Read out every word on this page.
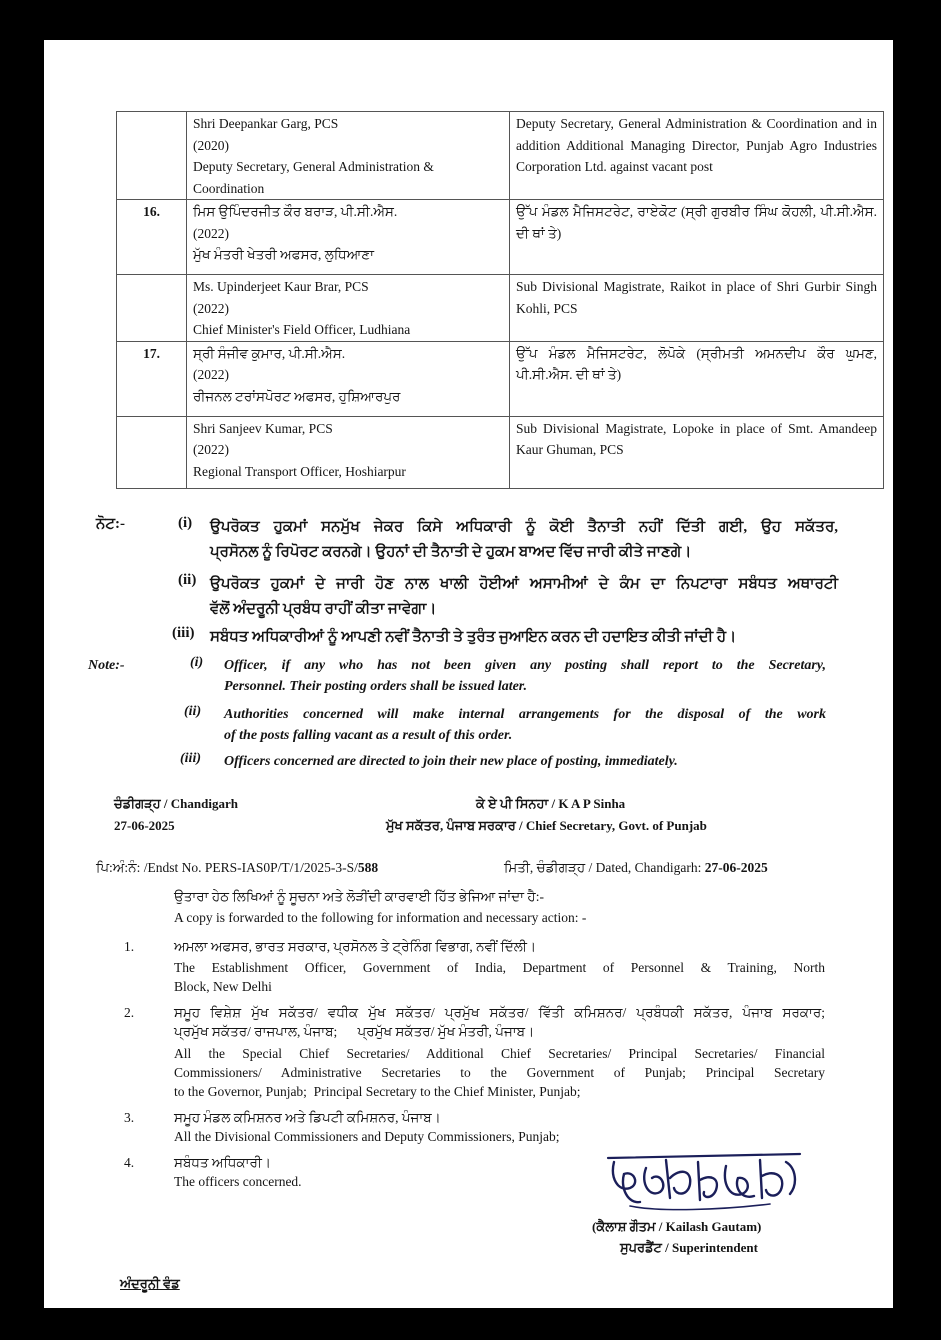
	Shri Deepankar Garg, PCS
(2020)
Deputy Secretary, General Administration & Coordination	Deputy Secretary, General Administration & Coordination and in addition Additional Managing Director, Punjab Agro Industries Corporation Ltd. against vacant post
16.	ਮਿਸ ਉਪਿੰਦਰਜੀਤ ਕੌਰ ਬਰਾੜ, ਪੀ.ਸੀ.ਐਸ.
(2022)
ਮੁੱਖ ਮੰਤਰੀ ਖੇਤਰੀ ਅਫਸਰ, ਲੁਧਿਆਣਾ	ਉੱਪ ਮੰਡਲ ਮੈਜਿਸਟਰੇਟ, ਰਾਏਕੋਟ (ਸ੍ਰੀ ਗੁਰਬੀਰ ਸਿੰਘ ਕੋਹਲੀ, ਪੀ.ਸੀ.ਐਸ. ਦੀ ਥਾਂ ਤੇ)

	Ms. Upinderjeet Kaur Brar, PCS
(2022)
Chief Minister's Field Officer, Ludhiana	Sub Divisional Magistrate, Raikot in place of Shri Gurbir Singh Kohli, PCS
17.	ਸ੍ਰੀ ਸੰਜੀਵ ਕੁਮਾਰ, ਪੀ.ਸੀ.ਐਸ.
(2022)
ਰੀਜਨਲ ਟਰਾਂਸਪੋਰਟ ਅਫਸਰ, ਹੁਸ਼ਿਆਰਪੁਰ	ਉੱਪ ਮੰਡਲ ਮੈਜਿਸਟਰੇਟ, ਲੋਪੋਕੇ (ਸ੍ਰੀਮਤੀ ਅਮਨਦੀਪ ਕੌਰ ਘੁਮਣ, ਪੀ.ਸੀ.ਐਸ. ਦੀ ਥਾਂ ਤੇ)

	Shri Sanjeev Kumar, PCS
(2022)
Regional Transport Officer, Hoshiarpur	Sub Divisional Magistrate, Lopoke in place of Smt. Amandeep Kaur Ghuman, PCS
ਨੋਟ:-	(i) ਉਪਰੋਕਤ ਹੁਕਮਾਂ ਸਨਮੁੱਖ ਜੇਕਰ ਕਿਸੇ ਅਧਿਕਾਰੀ ਨੂੰ ਕੋਈ ਤੈਨਾਤੀ ਨਹੀਂ ਦਿੱਤੀ ਗਈ, ਉਹ ਸਕੱਤਰ,
ਪ੍ਰਸੋਨਲ ਨੂੰ ਰਿਪੋਰਟ ਕਰਨਗੇ। ਉਹਨਾਂ ਦੀ ਤੈਨਾਤੀ ਦੇ ਹੁਕਮ ਬਾਅਦ ਵਿੱਚ ਜਾਰੀ ਕੀਤੇ ਜਾਣਗੇ।
(ii) ਉਪਰੋਕਤ ਹੁਕਮਾਂ ਦੇ ਜਾਰੀ ਹੋਣ ਨਾਲ ਖਾਲੀ ਹੋਈਆਂ ਅਸਾਮੀਆਂ ਦੇ ਕੰਮ ਦਾ ਨਿਪਟਾਰਾ ਸਬੰਧਤ ਅਥਾਰਟੀ
ਵੱਲੋਂ ਅੰਦਰੂਨੀ ਪ੍ਰਬੰਧ ਰਾਹੀਂ ਕੀਤਾ ਜਾਵੇਗਾ।
(iii) ਸਬੰਧਤ ਅਧਿਕਾਰੀਆਂ ਨੂੰ ਆਪਣੀ ਨਵੀਂ ਤੈਨਾਤੀ ਤੇ ਤੁਰੰਤ ਜੁਆਇਨ ਕਰਨ ਦੀ ਹਦਾਇਤ ਕੀਤੀ ਜਾਂਦੀ ਹੈ।
Note:-	(i) Officer, if any who has not been given any posting shall report to the Secretary,
Personnel. Their posting orders shall be issued later.
(ii) Authorities concerned will make internal arrangements for the disposal of the work
of the posts falling vacant as a result of this order.
(iii) Officers concerned are directed to join their new place of posting, immediately.
ਚੰਡੀਗੜ੍ਹ / Chandigarh
27-06-2025
ਕੇ ਏ ਪੀ ਸਿਨਹਾ / K A P Sinha
ਮੁੱਖ ਸਕੱਤਰ, ਪੰਜਾਬ ਸਰਕਾਰ / Chief Secretary, Govt. of Punjab
ਪਿ:ਅੰ:ਨੰ: /Endst No. PERS-IAS0P/T/1/2025-3-S/588	ਮਿਤੀ, ਚੰਡੀਗੜ੍ਹ / Dated, Chandigarh: 27-06-2025
ਉਤਾਰਾ ਹੇਠ ਲਿਖਿਆਂ ਨੂੰ ਸੂਚਨਾ ਅਤੇ ਲੋੜੀਂਦੀ ਕਾਰਵਾਈ ਹਿੱਤ ਭੇਜਿਆ ਜਾਂਦਾ ਹੈ:-
A copy is forwarded to the following for information and necessary action: -
1.	ਅਮਲਾ ਅਫਸਰ, ਭਾਰਤ ਸਰਕਾਰ, ਪ੍ਰਸੋਨਲ ਤੇ ਟ੍ਰੇਨਿੰਗ ਵਿਭਾਗ, ਨਵੀਂ ਦਿੱਲੀ।
The Establishment Officer, Government of India, Department of Personnel & Training, North
Block, New Delhi
2.	ਸਮੂਹ ਵਿਸ਼ੇਸ਼ ਮੁੱਖ ਸਕੱਤਰ/ ਵਧੀਕ ਮੁੱਖ ਸਕੱਤਰ/ ਪ੍ਰਮੁੱਖ ਸਕੱਤਰ/ ਵਿੱਤੀ ਕਮਿਸ਼ਨਰ/ ਪ੍ਰਬੰਧਕੀ ਸਕੱਤਰ, ਪੰਜਾਬ ਸਰਕਾਰ;
ਪ੍ਰਮੁੱਖ ਸਕੱਤਰ/ ਰਾਜਪਾਲ, ਪੰਜਾਬ;      ਪ੍ਰਮੁੱਖ ਸਕੱਤਰ/ ਮੁੱਖ ਮੰਤਰੀ, ਪੰਜਾਬ।
All the Special Chief Secretaries/ Additional Chief Secretaries/ Principal Secretaries/ Financial
Commissioners/ Administrative Secretaries to the Government of Punjab; Principal Secretary
to the Governor, Punjab;  Principal Secretary to the Chief Minister, Punjab;
3.	ਸਮੂਹ ਮੰਡਲ ਕਮਿਸ਼ਨਰ ਅਤੇ ਡਿਪਟੀ ਕਮਿਸ਼ਨਰ, ਪੰਜਾਬ।
All the Divisional Commissioners and Deputy Commissioners, Punjab;
4.	ਸਬੰਧਤ ਅਧਿਕਾਰੀ।
The officers concerned.
(ਕੈਲਾਸ਼ ਗੌਤਮ / Kailash Gautam)
ਸੁਪਰਡੈਂਟ / Superintendent
ਅੰਦਰੂਨੀ ਵੰਡ
